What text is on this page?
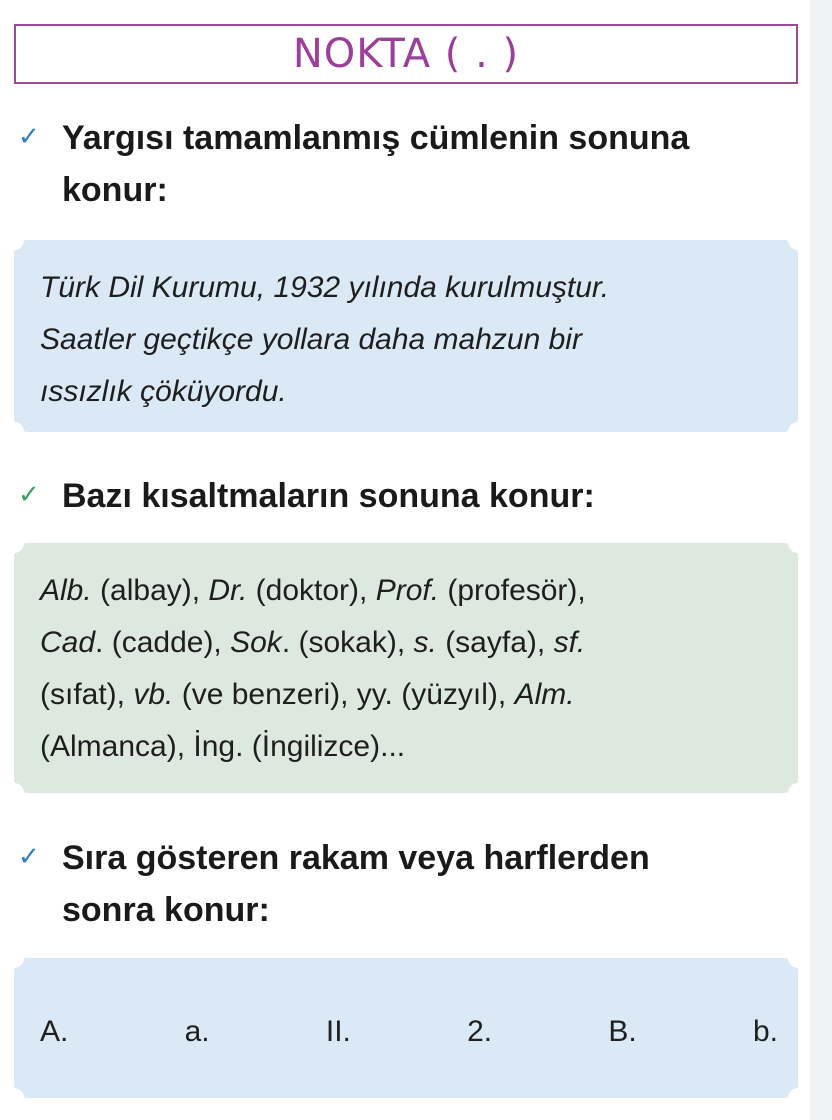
NOKTA ( . )
✓ Yargısı tamamlanmış cümlenin sonuna
konur:
Türk Dil Kurumu, 1932 yılında kurulmuştur.
Saatler geçtikçe yollara daha mahzun bir
ıssızlık çöküyordu.
✓ Bazı kısaltmaların sonuna konur:
Alb. (albay), Dr. (doktor), Prof. (profesör),
Cad. (cadde), Sok. (sokak), s. (sayfa), sf.
(sıfat), vb. (ve benzeri), yy. (yüzyıl), Alm.
(Almanca), İng. (İngilizce)...
✓ Sıra gösteren rakam veya harflerden
sonra konur:
A.	a.	II.	2.	B.	b.
